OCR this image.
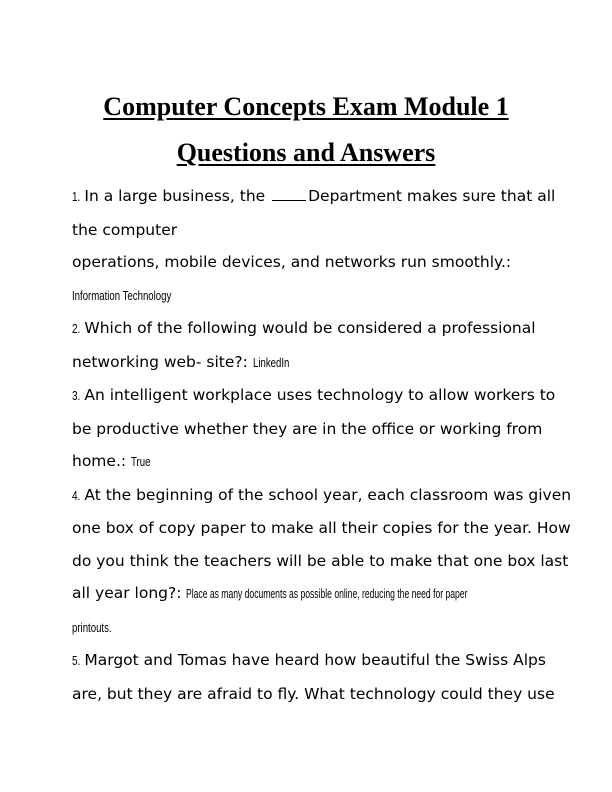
Computer Concepts Exam Module 1
Questions and Answers
1. In a large business, the	Department makes sure that all
the computer
operations, mobile devices, and networks run smoothly.:
Information Technology
2. Which of the following would be considered a professional
networking web- site?: LinkedIn
3. An intelligent workplace uses technology to allow workers to
be productive whether they are in the office or working from
home.: True
4. At the beginning of the school year, each classroom was given
one box of copy paper to make all their copies for the year. How
do you think the teachers will be able to make that one box last
all year long?: Place as many documents as possible online, reducing the need for paper
printouts.
5. Margot and Tomas have heard how beautiful the Swiss Alps
are, but they are afraid to fly. What technology could they use
